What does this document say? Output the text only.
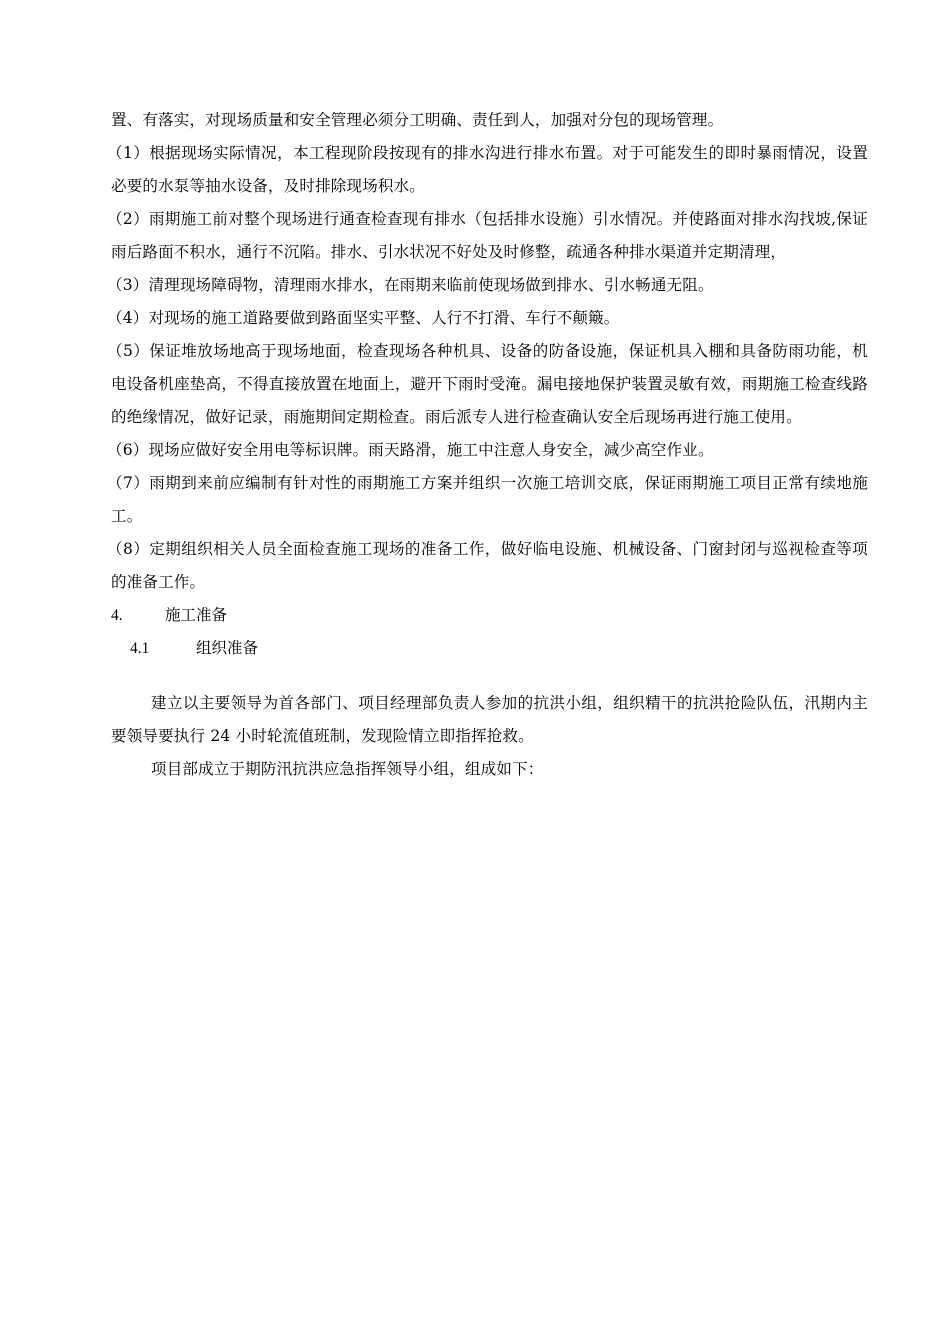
置、有落实，对现场质量和安全管理必须分工明确、责任到人，加强对分包的现场管理。

（1）根据现场实际情况，本工程现阶段按现有的排水沟进行排水布置。对于可能发生的即时暴雨情况，设置必要的水泵等抽水设备，及时排除现场积水。

（2）雨期施工前对整个现场进行通查检查现有排水（包括排水设施）引水情况。并使路面对排水沟找坡,保证雨后路面不积水，通行不沉陷。排水、引水状况不好处及时修整，疏通各种排水渠道并定期清理，

（3）清理现场障碍物，清理雨水排水，在雨期来临前使现场做到排水、引水畅通无阻。

（4）对现场的施工道路要做到路面坚实平整、人行不打滑、车行不颠簸。

（5）保证堆放场地高于现场地面，检查现场各种机具、设备的防备设施，保证机具入棚和具备防雨功能，机电设备机座垫高，不得直接放置在地面上，避开下雨时受淹。漏电接地保护装置灵敏有效，雨期施工检查线路的绝缘情况，做好记录，雨施期间定期检查。雨后派专人进行检查确认安全后现场再进行施工使用。

（6）现场应做好安全用电等标识牌。雨天路滑，施工中注意人身安全，减少高空作业。

（7）雨期到来前应编制有针对性的雨期施工方案并组织一次施工培训交底，保证雨期施工项目正常有续地施工。

（8）定期组织相关人员全面检查施工现场的准备工作，做好临电设施、机械设备、门窗封闭与巡视检查等项的准备工作。

4.	施工准备
4.1	组织准备

建立以主要领导为首各部门、项目经理部负责人参加的抗洪小组，组织精干的抗洪抢险队伍，汛期内主要领导要执行 24 小时轮流值班制，发现险情立即指挥抢救。

项目部成立于期防汛抗洪应急指挥领导小组，组成如下：
